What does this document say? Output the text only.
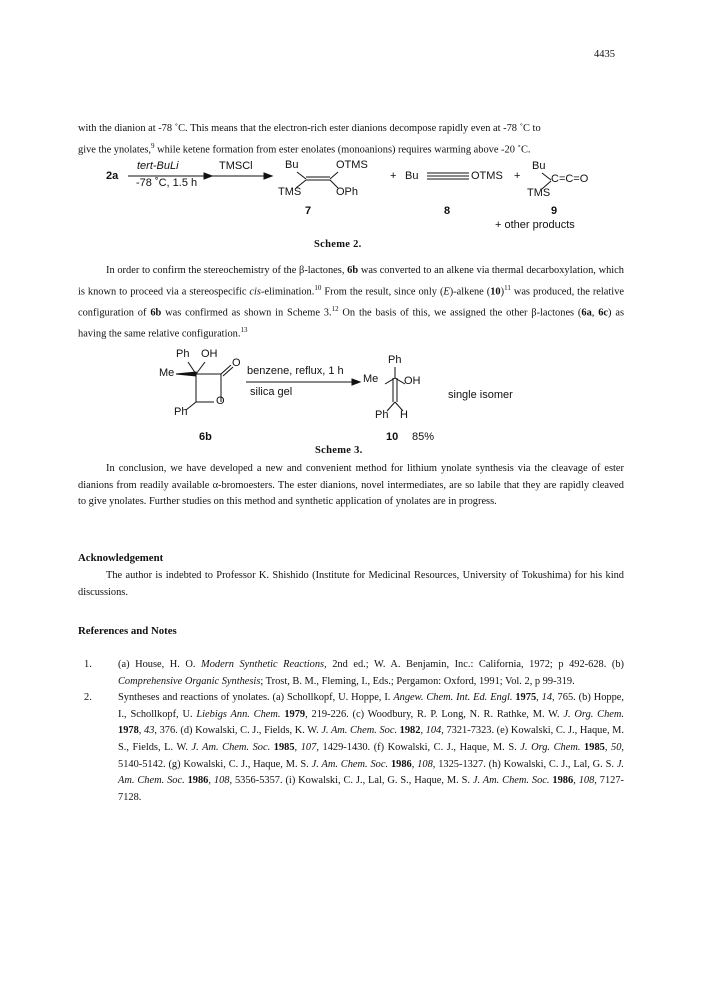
4435

with the dianion at -78 ˚C. This means that the electron-rich ester dianions decompose rapidly even at -78 ˚C to
give the ynolates,$^9$ while ketene formation from ester enolates (monoanions) requires warming above -20 ˚C.

2a
tert-BuLi
-78 ˚C, 1.5 h
TMSCl	Bu	OTMS
TMS	OPh
7
+ Bu	OTMS
8
+
Bu
C=C=O
TMS
9
+ other products
Scheme 2.

In order to confirm the stereochemistry of the β-lactones, 6b was converted to an alkene via thermal decarboxylation, which is known to proceed via a stereospecific cis-elimination.$^{10}$ From the result, since only (E)-alkene $(10)^{11}$ was produced, the relative configuration of 6b was confirmed as shown in Scheme 3.12 On the basis of this, we assigned the other β-lactones (6a, 6c) as having the same relative configuration.$^{13}$

Ph OH
Me
O
O
Ph
benzene, reflux, 1 h
silica gel
Ph
Me OH
Ph H
single isomer
6b	10 85%
Scheme 3.

In conclusion, we have developed a new and convenient method for lithium ynolate synthesis via the cleavage of ester dianions from readily available α-bromoesters. The ester dianions, novel intermediates, are so labile that they are rapidly cleaved to give ynolates. Further studies on this method and synthetic application of ynolates are in progress.

Acknowledgement

The author is indebted to Professor K. Shishido (Institute for Medicinal Resources, University of Tokushima) for his kind discussions.

References and Notes
1.	(a) House, H. O. Modern Synthetic Reactions, 2nd ed.; W. A. Benjamin, Inc.: California, 1972; p 492-628. (b) Comprehensive Organic Synthesis; Trost, B. M., Fleming, I., Eds.; Pergamon: Oxford, 1991; Vol. 2, p 99-319.
2.	Syntheses and reactions of ynolates. (a) Schollkopf, U. Hoppe, I. Angew. Chem. Int. Ed. Engl. 1975, 14, 765. (b) Hoppe, I., Schollkopf, U. Liebigs Ann. Chem. 1979, 219-226. (c) Woodbury, R. P. Long, N. R. Rathke, M. W. J. Org. Chem. 1978, 43, 376. (d) Kowalski, C. J., Fields, K. W. J. Am. Chem. Soc. 1982, 104, 7321-7323. (e) Kowalski, C. J., Haque, M. S., Fields, L. W. J. Am. Chem. Soc. 1985, 107, 1429-1430. (f) Kowalski, C. J., Haque, M. S. J. Org. Chem. 1985, 50, 5140-5142. (g) Kowalski, C. J., Haque, M. S. J. Am. Chem. Soc. 1986, 108, 1325-1327. (h) Kowalski, C. J., Lal, G. S. J. Am. Chem. Soc. 1986, 108, 5356-5357. (i) Kowalski, C. J., Lal, G. S., Haque, M. S. J. Am. Chem. Soc. 1986, 108, 7127-7128.
